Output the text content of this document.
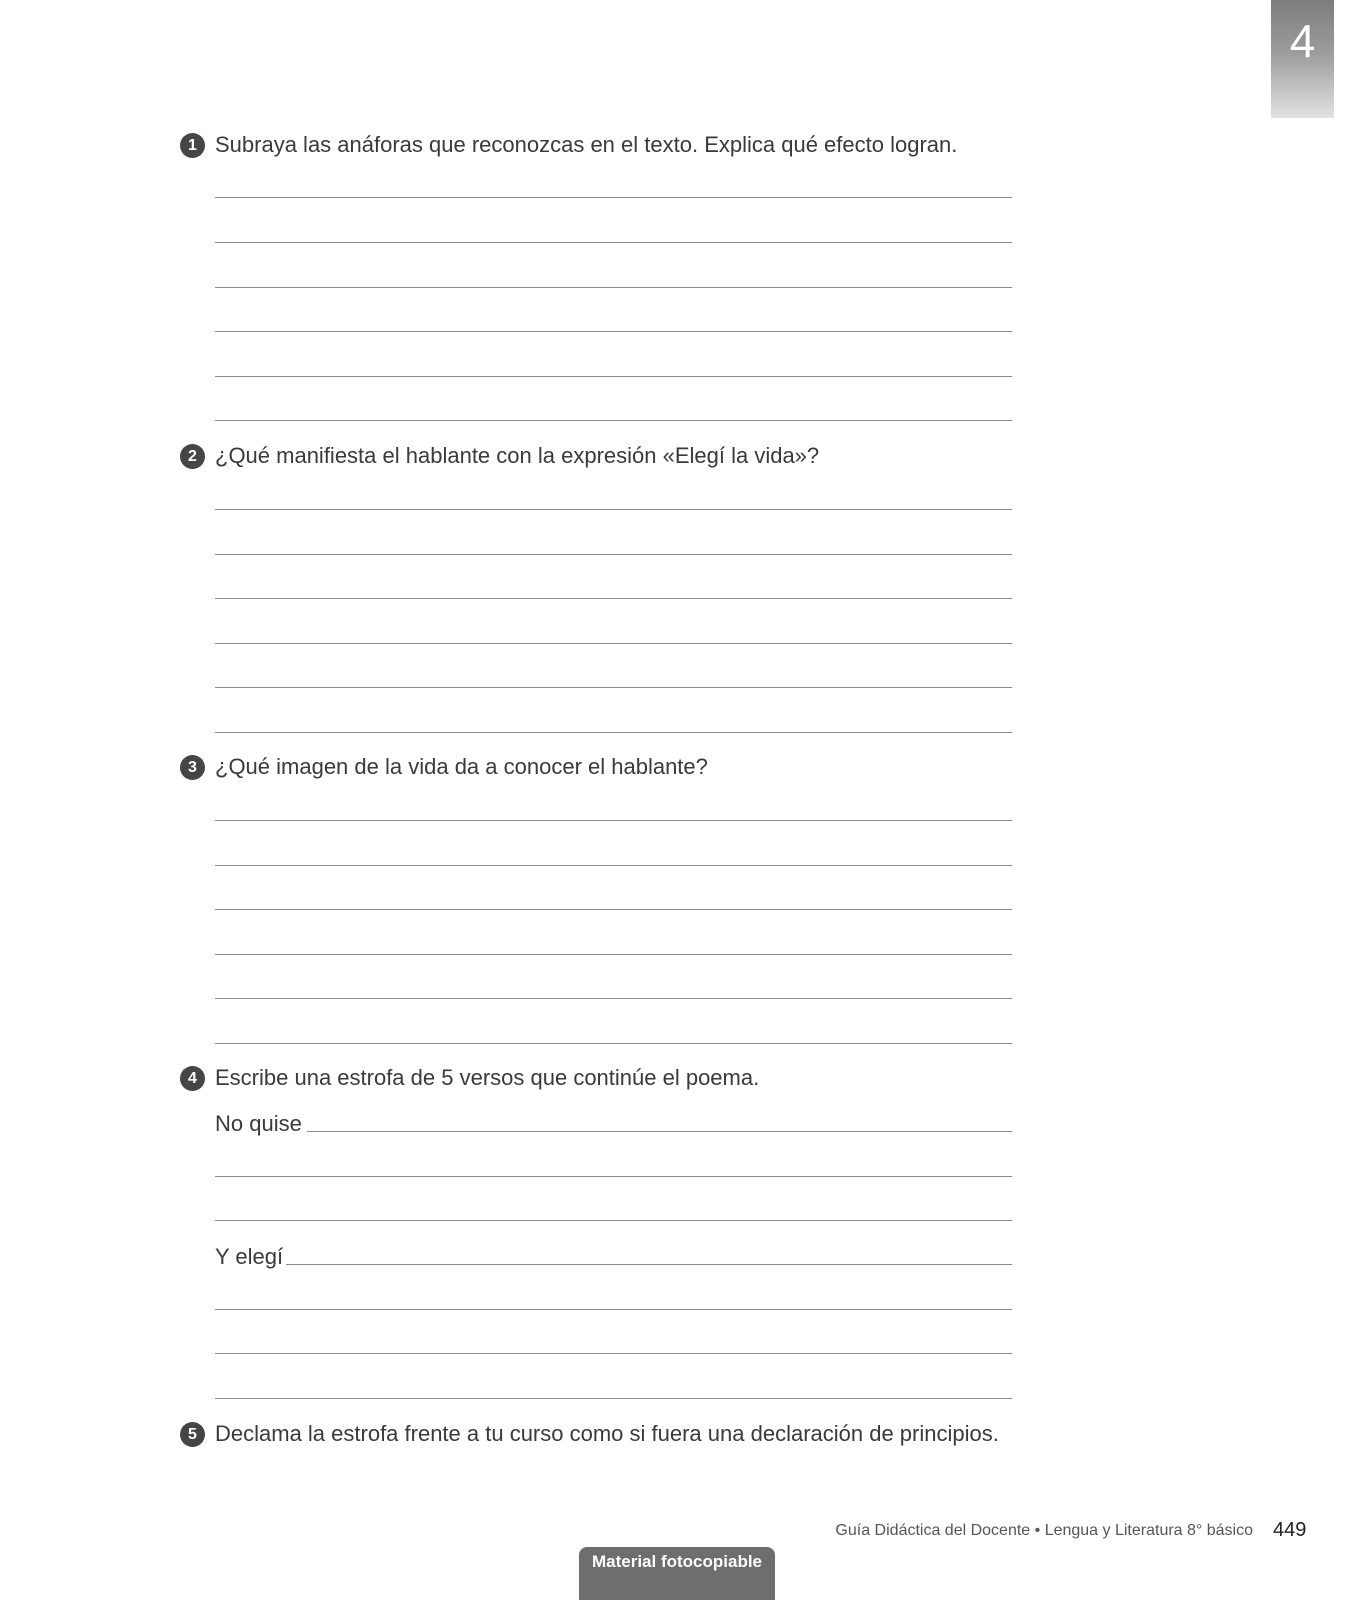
4
1 Subraya las anáforas que reconozcas en el texto. Explica qué efecto logran.
2 ¿Qué manifiesta el hablante con la expresión «Elegí la vida»?
3 ¿Qué imagen de la vida da a conocer el hablante?
4 Escribe una estrofa de 5 versos que continúe el poema.
No quise
Y elegí
5 Declama la estrofa frente a tu curso como si fuera una declaración de principios.
Guía Didáctica del Docente • Lengua y Literatura 8° básico 449
Material fotocopiable
